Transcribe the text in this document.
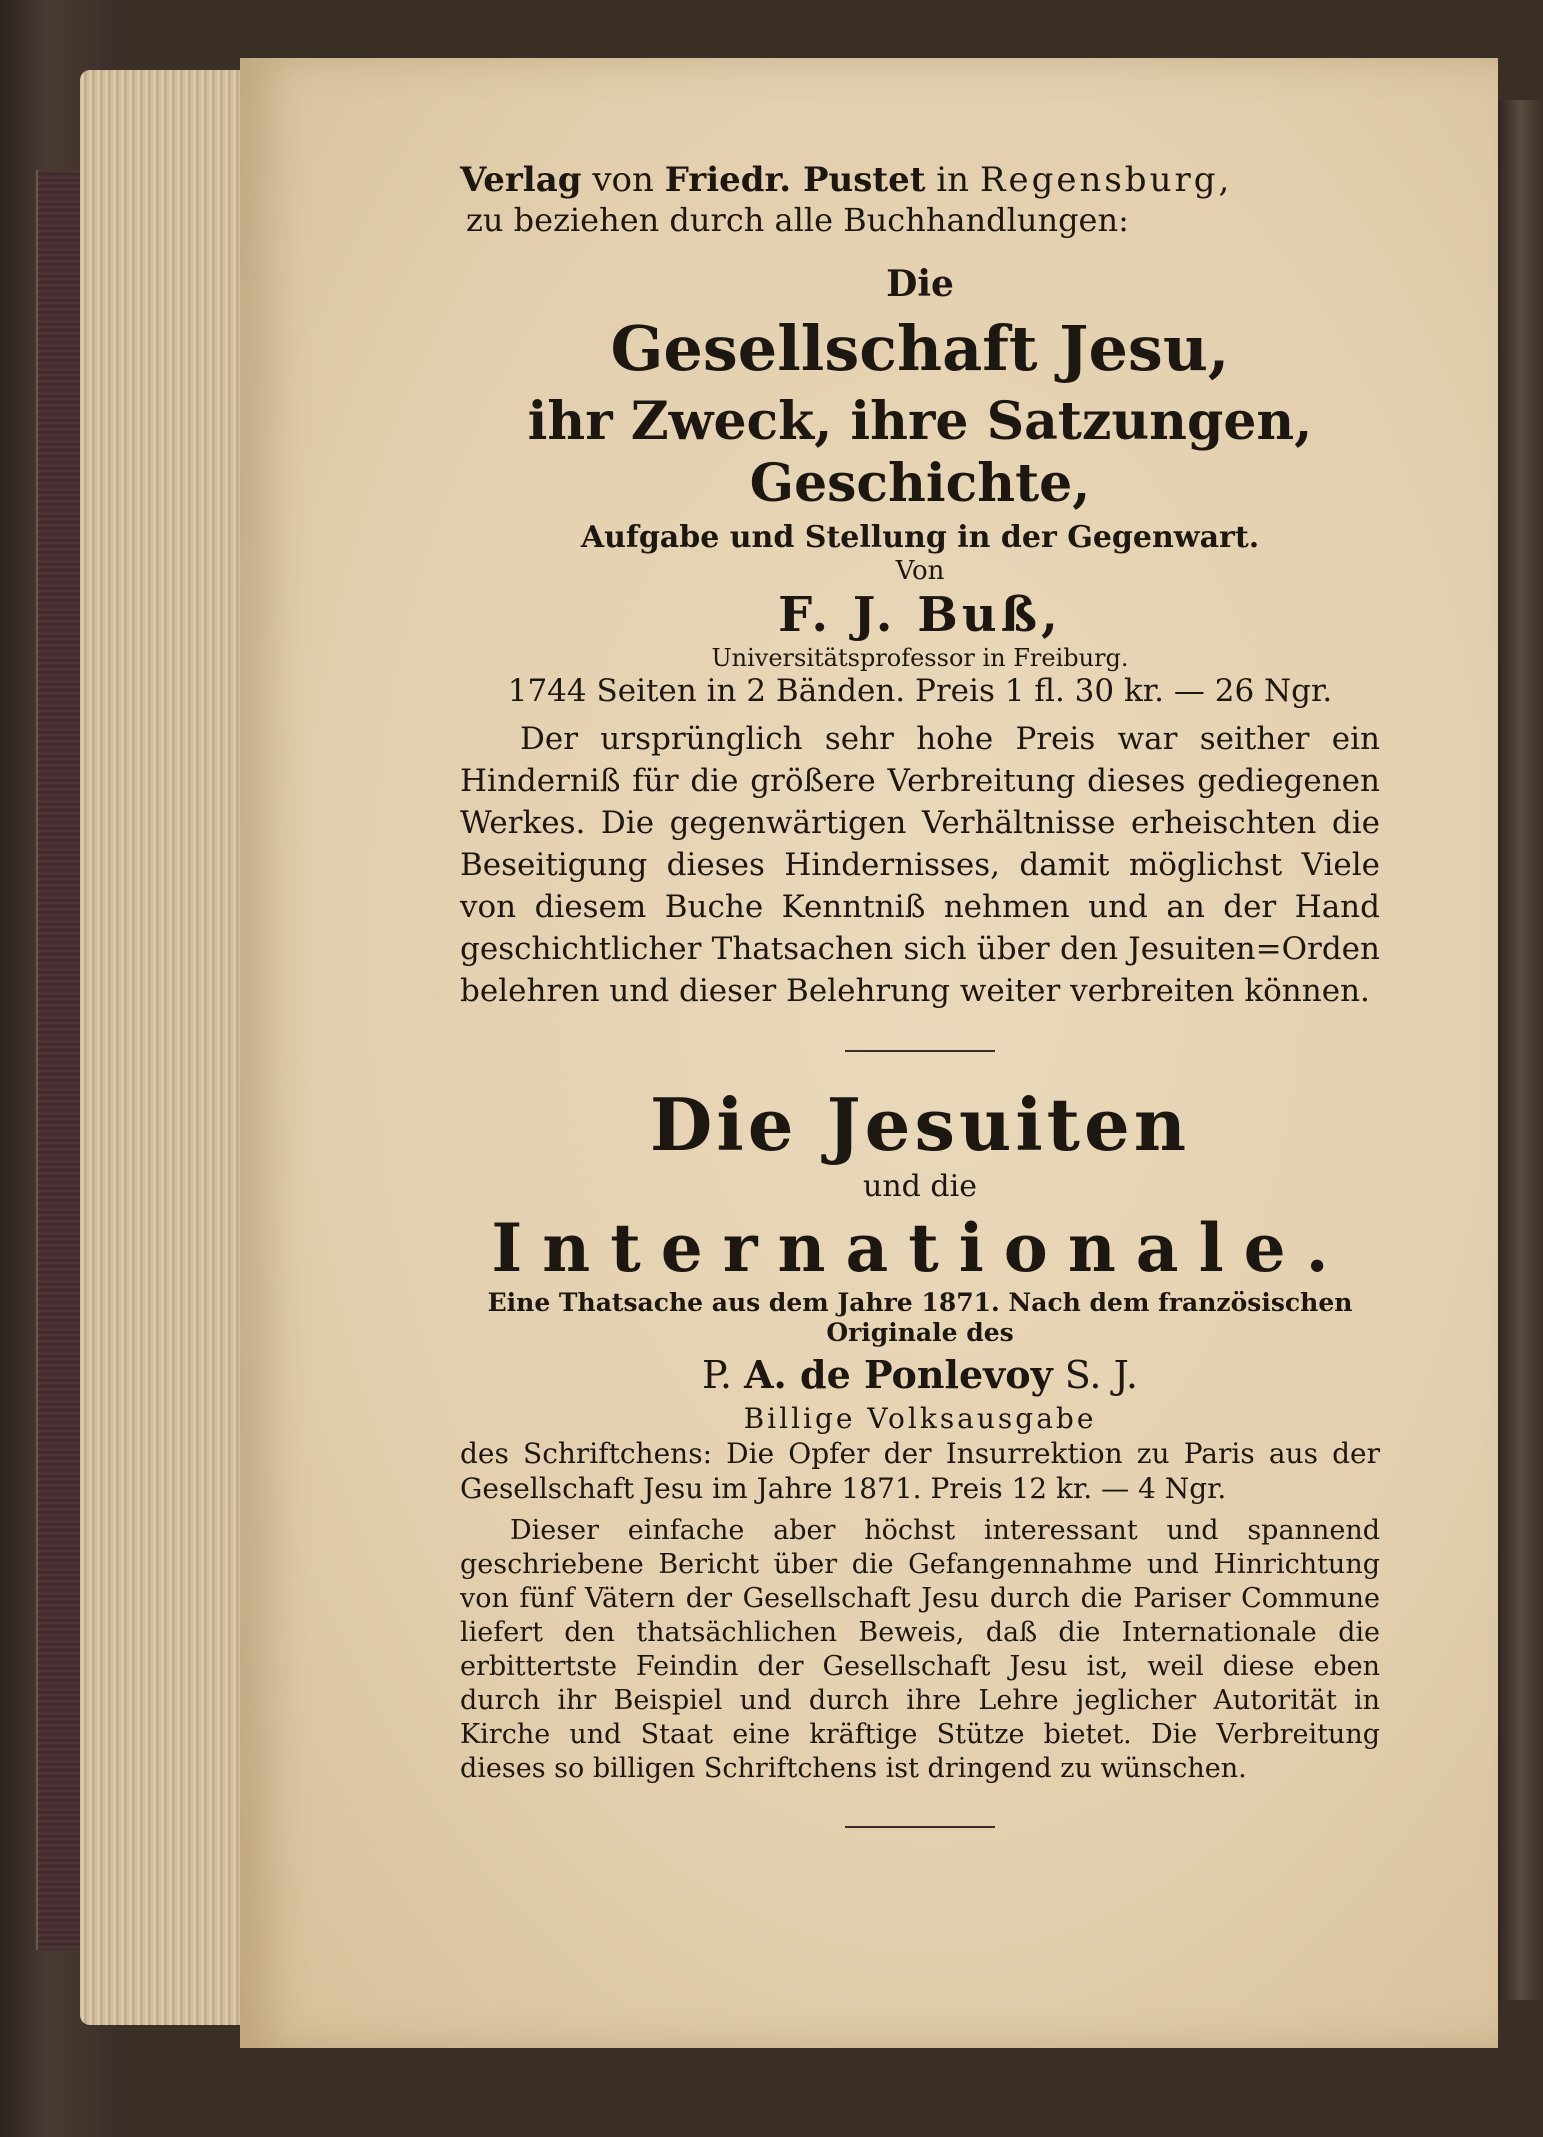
Verlag von Friedr. Pustet in Regensburg,

zu beziehen durch alle Buchhandlungen:

Die

Gesellschaft Jesu,

ihr Zweck, ihre Satzungen, Geschichte,

Aufgabe und Stellung in der Gegenwart.

Von

F. J. Buß,

Universitätsprofessor in Freiburg.

1744 Seiten in 2 Bänden. Preis 1 fl. 30 kr. — 26 Ngr.

Der ursprünglich sehr hohe Preis war seither ein Hinderniß für die größere Verbreitung dieses gediegenen Werkes. Die gegenwärtigen Verhältnisse erheischten die Beseitigung dieses Hindernisses, damit möglichst Viele von diesem Buche Kenntniß nehmen und an der Hand geschichtlicher Thatsachen sich über den Jesuiten=Orden belehren und dieser Belehrung weiter verbreiten können.

Die Jesuiten

und die

Internationale.

Eine Thatsache aus dem Jahre 1871. Nach dem französischen Originale des

P. A. de Ponlevoy S. J.

Billige Volksausgabe

des Schriftchens: Die Opfer der Insurrektion zu Paris aus der Gesellschaft Jesu im Jahre 1871. Preis 12 kr. — 4 Ngr.

Dieser einfache aber höchst interessant und spannend geschriebene Bericht über die Gefangennahme und Hinrichtung von fünf Vätern der Gesellschaft Jesu durch die Pariser Commune liefert den thatsächlichen Beweis, daß die Internationale die erbittertste Feindin der Gesellschaft Jesu ist, weil diese eben durch ihr Beispiel und durch ihre Lehre jeglicher Autorität in Kirche und Staat eine kräftige Stütze bietet. Die Verbreitung dieses so billigen Schriftchens ist dringend zu wünschen.
